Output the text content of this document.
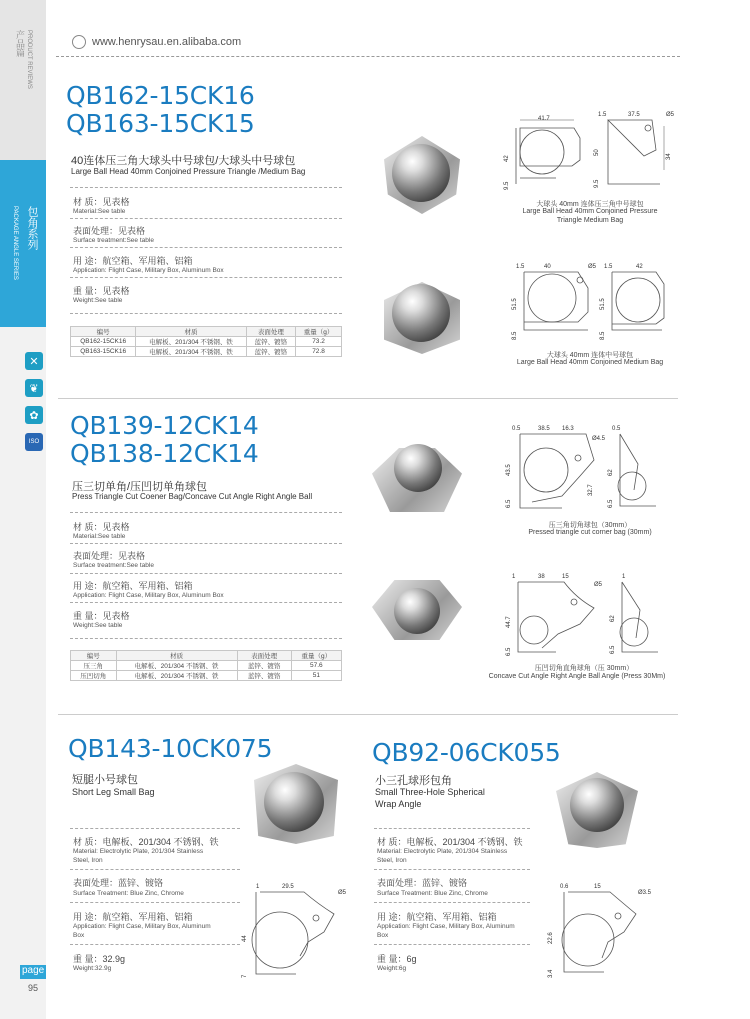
产品篇 PRODUCT REVIEWS
包角系列
PACKAGE ANGLE SERIES
✕
❦
✿
ISO
page
95
www.henrysau.en.alibaba.com
QB162-15CK16
QB163-15CK15
40连体压三角大球头中号球包/大球头中号球包
Large Ball Head 40mm Conjoined Pressure Triangle /Medium Bag
材 质：见表格
Material:See table
表面处理：见表格
Surface treatment:See table
用 途：航空箱、军用箱、铝箱
Application: Flight Case, Military Box, Aluminum Box
重 量：见表格
Weight:See table
编号	材质	表面处理	重量（g）
QB162-15CK16	电解板、201/304 不锈钢、铁	蓝锌、镀铬	73.2
QB163-15CK16	电解板、201/304 不锈钢、铁	蓝锌、镀铬	72.8
41.7
42
9.5
1.5	37.5	Ø5
50
34
9.5
大球头 40mm 连体压三角中号球包
Large Ball Head 40mm Conjoined Pressure
Triangle Medium Bag
1.5	40	Ø5
51.5
8.5
1.5	42
51.5
8.5
大球头 40mm 连体中号球包
Large Ball Head 40mm Conjoined Medium Bag
QB139-12CK14
QB138-12CK14
压三切单角/压凹切单角球包
Press Triangle Cut Coener Bag/Concave Cut Angle Right Angle Ball
材 质：见表格
Material:See table
表面处理：见表格
Surface treatment:See table
用 途：航空箱、军用箱、铝箱
Application: Flight Case, Military Box, Aluminum Box
重 量：见表格
Weight:See table
编号	材质	表面处理	重量（g）
压三角	电解板、201/304 不锈钢、铁	蓝锌、镀铬	57.6
压凹切角	电解板、201/304 不锈钢、铁	蓝锌、镀铬	51
0.5	38.5 16.3
Ø4.5
43.5
32.7
6.5
0.5
62
6.5
压三角切角球包（30mm）
Pressed triangle cut corner bag (30mm)
1	38	15
Ø5
44.7
6.5
1
62
6.5
压凹切角直角球角（压 30mm）
Concave Cut Angle Right Angle Ball Angle (Press 30Mm)
QB143-10CK075
短腿小号球包
Short Leg Small Bag
材 质：电解板、201/304 不锈钢、铁
Material: Electrolytic Plate, 201/304 Stainless
Steel, Iron
表面处理：蓝锌、镀铬
Surface Treatment: Blue Zinc, Chrome
用 途：航空箱、军用箱、铝箱
Application: Flight Case, Military Box, Aluminum
Box
重 量：32.9g
Weight:32.9g
1	29.5
Ø5
44
7
QB92-06CK055
小三孔球形包角
Small Three-Hole Spherical
Wrap Angle
材 质：电解板、201/304 不锈钢、铁
Material: Electrolytic Plate, 201/304 Stainless
Steel, Iron
表面处理：蓝锌、镀铬
Surface Treatment: Blue Zinc, Chrome
用 途：航空箱、军用箱、铝箱
Application: Flight Case, Military Box, Aluminum
Box
重 量：6g
Weight:6g
0.6	15
Ø3.5
22.6
3.4
